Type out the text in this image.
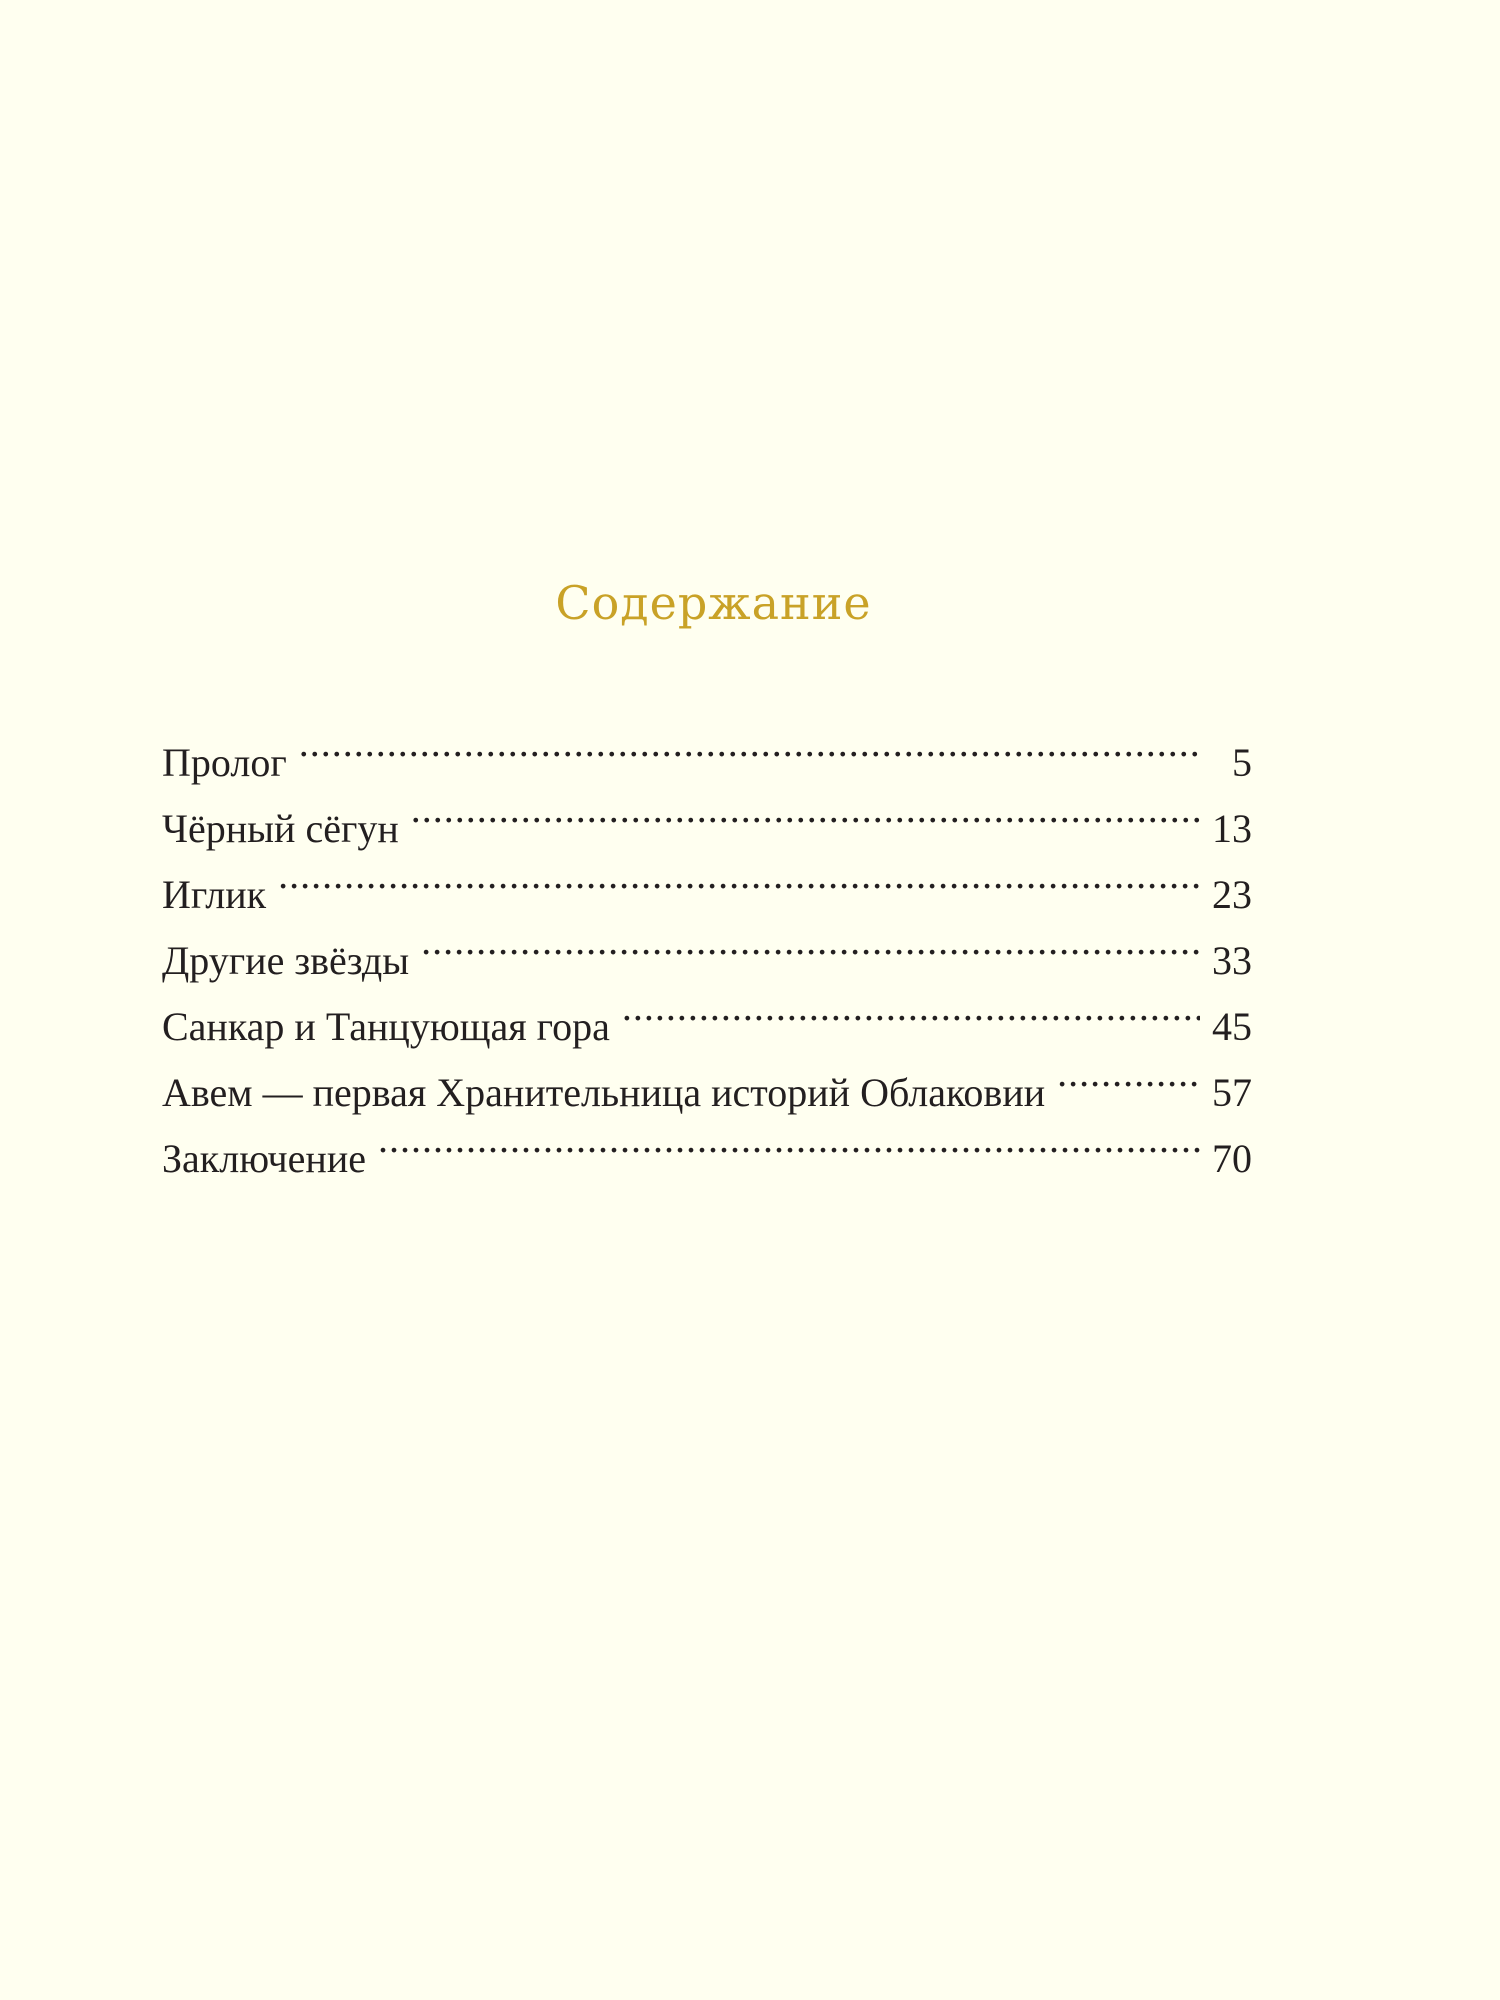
Содержание
Пролог .....	5
Чёрный сёгун .....	13
Иглик .....	23
Другие звёзды .....	33
Санкар и Танцующая гора .....	45
Авем — первая Хранительница историй Облаковии .....	57
Заключение .....	70
